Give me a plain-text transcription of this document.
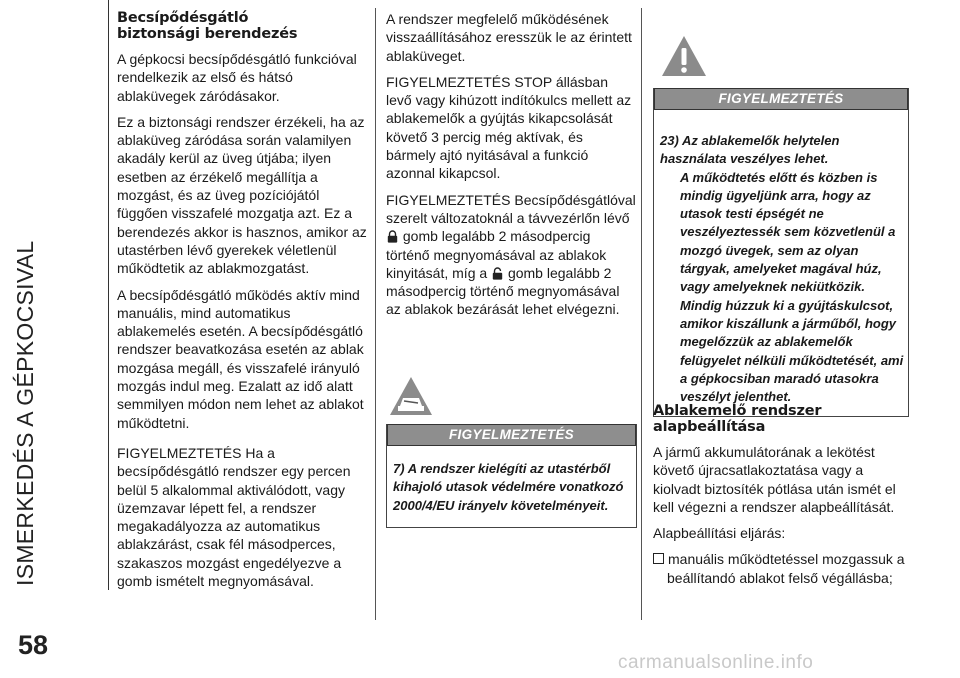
ISMERKEDÉS A GÉPKOCSIVAL
58
carmanualsonline.info
Becsípődésgátló
biztonsági berendezés

A gépkocsi becsípődésgátló funkcióval rendelkezik az első és hátsó ablaküvegek záródásakor.

Ez a biztonsági rendszer érzékeli, ha az ablaküveg záródása során valamilyen akadály kerül az üveg útjába; ilyen esetben az érzékelő megállítja a mozgást, és az üveg pozíciójától függően visszafelé mozgatja azt. Ez a berendezés akkor is hasznos, amikor az utastérben lévő gyerekek véletlenül működtetik az ablakmozgatást.

A becsípődésgátló működés aktív mind manuális, mind automatikus ablakemelés esetén. A becsípődésgátló rendszer beavatkozása esetén az ablak mozgása megáll, és visszafelé irányuló mozgás indul meg. Ezalatt az idő alatt semmilyen módon nem lehet az ablakot működtetni.

FIGYELMEZTETÉS Ha a becsípődésgátló rendszer egy percen belül 5 alkalommal aktiválódott, vagy üzemzavar lépett fel, a rendszer megakadályozza az automatikus ablakzárást, csak fél másodperces, szakaszos mozgást engedélyezve a gomb ismételt megnyomásával.

A rendszer megfelelő működésének visszaállításához eresszük le az érintett ablaküveget.

FIGYELMEZTETÉS STOP állásban levő vagy kihúzott indítókulcs mellett az ablakemelők a gyújtás kikapcsolását követő 3 percig még aktívak, és bármely ajtó nyitásával a funkció azonnal kikapcsol.

FIGYELMEZTETÉS Becsípődésgátlóval szerelt változatoknál a távvezérlőn lévő  gomb legalább 2 másodpercig történő megnyomásával az ablakok kinyitását, míg a gomb legalább 2 másodpercig történő megnyomásával az ablakok bezárását lehet elvégezni.

FIGYELMEZTETÉS
7) A rendszer kielégíti az utastérből kihajoló utasok védelmére vonatkozó 2000/4/EU irányelv követelményeit.
FIGYELMEZTETÉS
23) Az ablakemelők helytelen használata veszélyes lehet.
A működtetés előtt és közben is mindig ügyeljünk arra, hogy az utasok testi épségét ne veszélyeztessék sem közvetlenül a mozgó üvegek, sem az olyan tárgyak, amelyeket magával húz, vagy amelyeknek nekiütközik. Mindig húzzuk ki a gyújtáskulcsot, amikor kiszállunk a járműből, hogy megelőzzük az ablakemelők felügyelet nélküli működtetését, ami a gépkocsiban maradó utasokra veszélyt jelenthet.
Ablakemelő rendszer
alapbeállítása

A jármű akkumulátorának a lekötést követő újracsatlakoztatása vagy a kiolvadt biztosíték pótlása után ismét el kell végezni a rendszer alapbeállítását.

Alapbeállítási eljárás:

manuális működtetéssel mozgassuk a beállítandó ablakot felső végállásba;
